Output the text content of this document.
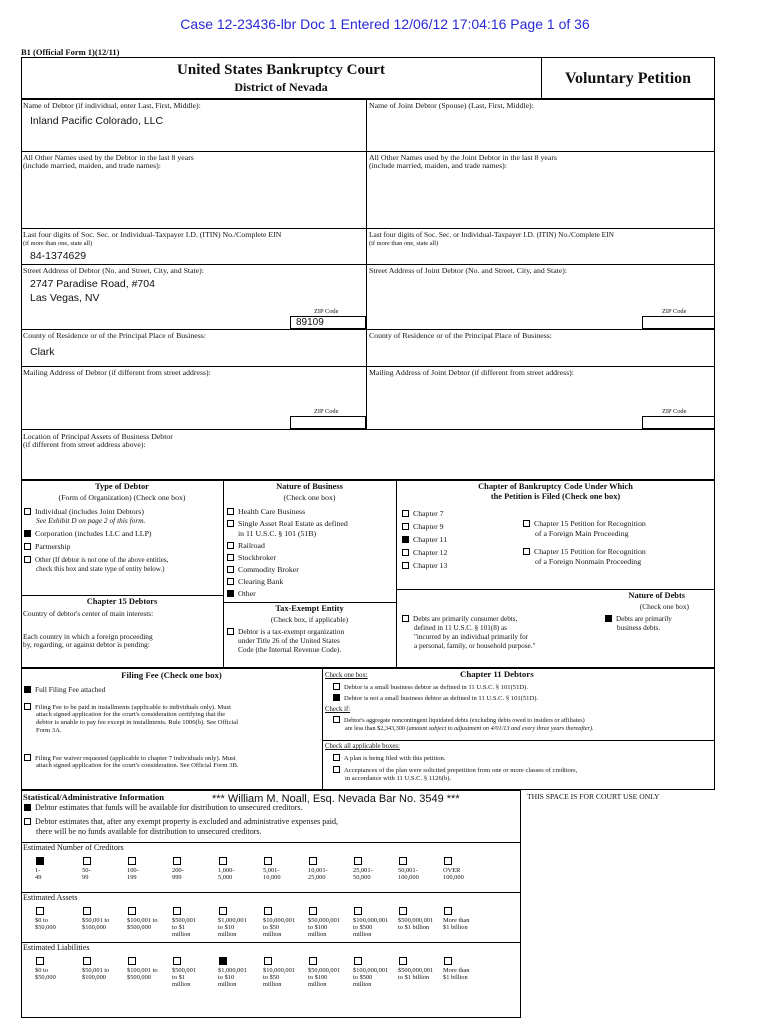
Case 12-23436-lbr Doc 1 Entered 12/06/12 17:04:16 Page 1 of 36
B1 (Official Form 1)(12/11)
United States Bankruptcy Court
District of Nevada	Voluntary Petition
Name of Debtor (if individual, enter Last, First, Middle):
Inland Pacific Colorado, LLC
All Other Names used by the Debtor in the last 8 years
(include married, maiden, and trade names):
Last four digits of Soc. Sec. or Individual-Taxpayer I.D. (ITIN) No./Complete EIN
(if more than one, state all)
84-1374629
Street Address of Debtor (No. and Street, City, and State):
2747 Paradise Road, #704
Las Vegas, NV
ZIP Code
89109
County of Residence or of the Principal Place of Business:
Clark
Mailing Address of Debtor (if different from street address):
ZIP Code
Name of Joint Debtor (Spouse) (Last, First, Middle):
All Other Names used by the Joint Debtor in the last 8 years
(include married, maiden, and trade names):
Last four digits of Soc. Sec. or Individual-Taxpayer I.D. (ITIN) No./Complete EIN
(if more than one, state all)
Street Address of Joint Debtor (No. and Street, City, and State):
ZIP Code
County of Residence or of the Principal Place of Business:
Mailing Address of Joint Debtor (if different from street address):
ZIP Code
Location of Principal Assets of Business Debtor
(if different from street address above):
Type of Debtor
(Form of Organization) (Check one box)
Individual (includes Joint Debtors)
See Exhibit D on page 2 of this form.
Corporation (includes LLC and LLP)
Partnership
Other (If debtor is not one of the above entities,
check this box and state type of entity below.)
Nature of Business
(Check one box)
Health Care Business
Single Asset Real Estate as defined
in 11 U.S.C. § 101 (51B)
Railroad
Stockbroker
Commodity Broker
Clearing Bank
Other
Chapter of Bankruptcy Code Under Which
the Petition is Filed (Check one box)
Chapter 7
Chapter 9
Chapter 11
Chapter 12
Chapter 13
Chapter 15 Petition for Recognition
of a Foreign Main Proceeding
Chapter 15 Petition for Recognition
of a Foreign Nonmain Proceeding
Chapter 15 Debtors
Country of debtor's center of main interests:
Each country in which a foreign proceeding
by, regarding, or against debtor is pending:
Tax-Exempt Entity
(Check box, if applicable)
Debtor is a tax-exempt organization
under Title 26 of the United States
Code (the Internal Revenue Code).
Nature of Debts
(Check one box)
Debts are primarily consumer debts,
defined in 11 U.S.C. § 101(8) as
"incurred by an individual primarily for
a personal, family, or household purpose."
Debts are primarily
business debts.
Filing Fee (Check one box)
Full Filing Fee attached
Filing Fee to be paid in installments (applicable to individuals only). Must
attach signed application for the court's consideration certifying that the
debtor is unable to pay fee except in installments. Rule 1006(b). See Official
Form 3A.
Filing Fee waiver requested (applicable to chapter 7 individuals only). Must
attach signed application for the court's consideration. See Official Form 3B.
Chapter 11 Debtors
Check one box:
Debtor is a small business debtor as defined in 11 U.S.C. § 101(51D).
Debtor is not a small business debtor as defined in 11 U.S.C. § 101(51D).
Check if:
Debtor's aggregate noncontingent liquidated debts (excluding debts owed to insiders or affiliates)
are less than $2,343,300 (amount subject to adjustment on 4/01/13 and every three years thereafter).
Check all applicable boxes:
A plan is being filed with this petition.
Acceptances of the plan were solicited prepetition from one or more classes of creditors,
in accordance with 11 U.S.C. § 1126(b).
Statistical/Administrative Information	*** William M. Noall, Esq. Nevada Bar No. 3549 ***
Debtor estimates that funds will be available for distribution to unsecured creditors.
Debtor estimates that, after any exempt property is excluded and administrative expenses paid,
there will be no funds available for distribution to unsecured creditors.
THIS SPACE IS FOR COURT USE ONLY
Estimated Number of Creditors
1-
49
50-
99
100-
199
200-
999
1,000-
5,000
5,001-
10,000
10,001-
25,000
25,001-
50,000
50,001-
100,000
OVER
100,000
Estimated Assets
$0 to
$50,000
$50,001 to
$100,000
$100,001 to
$500,000
$500,001
to $1
million
$1,000,001
to $10
million
$10,000,001
to $50
million
$50,000,001
to $100
million
$100,000,001
to $500
million
$500,000,001
to $1 billion
More than
$1 billion
Estimated Liabilities
$0 to
$50,000
$50,001 to
$100,000
$100,001 to
$500,000
$500,001
to $1
million
$1,000,001
to $10
million
$10,000,001
to $50
million
$50,000,001
to $100
million
$100,000,001
to $500
million
$500,000,001
to $1 billion
More than
$1 billion
